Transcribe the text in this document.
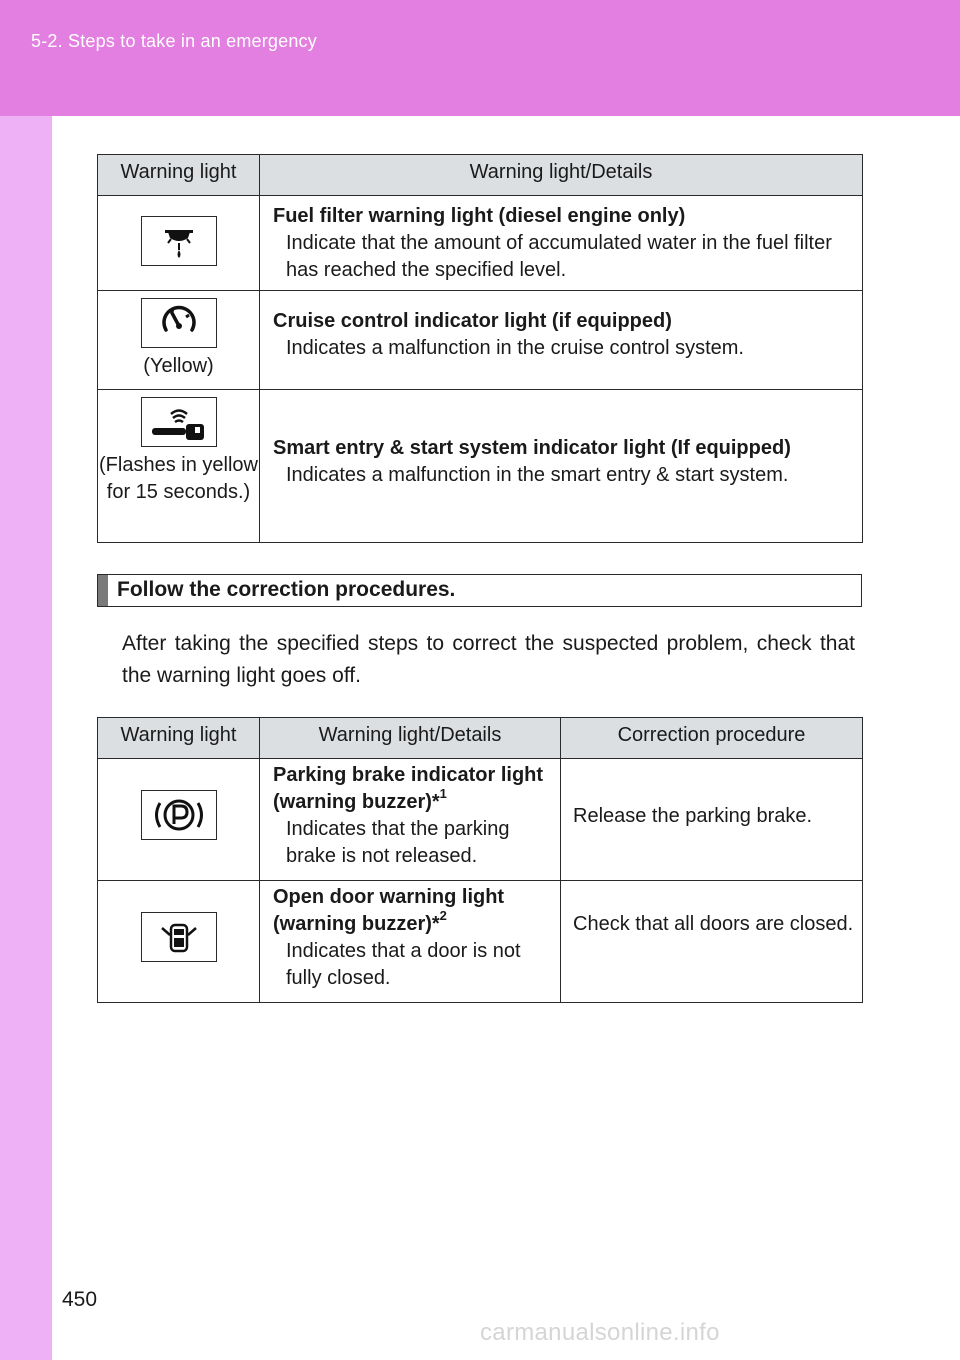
5-2. Steps to take in an emergency
Warning light	Warning light/Details

Fuel filter warning light (diesel engine only)
Indicate that the amount of accumulated water in the fuel filter has reached the specified level.

(Yellow)	Cruise control indicator light (if equipped)
Indicates a malfunction in the cruise control system.

(Flashes in yellow for 15 seconds.)	Smart entry & start system indicator light (If equipped)
Indicates a malfunction in the smart entry & start system.
Follow the correction procedures.
After taking the specified steps to correct the suspected problem, check that the warning light goes off.
Warning light	Warning light/Details	Correction procedure

Parking brake indicator light (warning buzzer)*$^1$
Indicates that the parking brake is not released.	Release the parking brake.

Open door warning light (warning buzzer)*$^2$
Indicates that a door is not fully closed.	Check that all doors are closed.
450
carmanualsonline.info
